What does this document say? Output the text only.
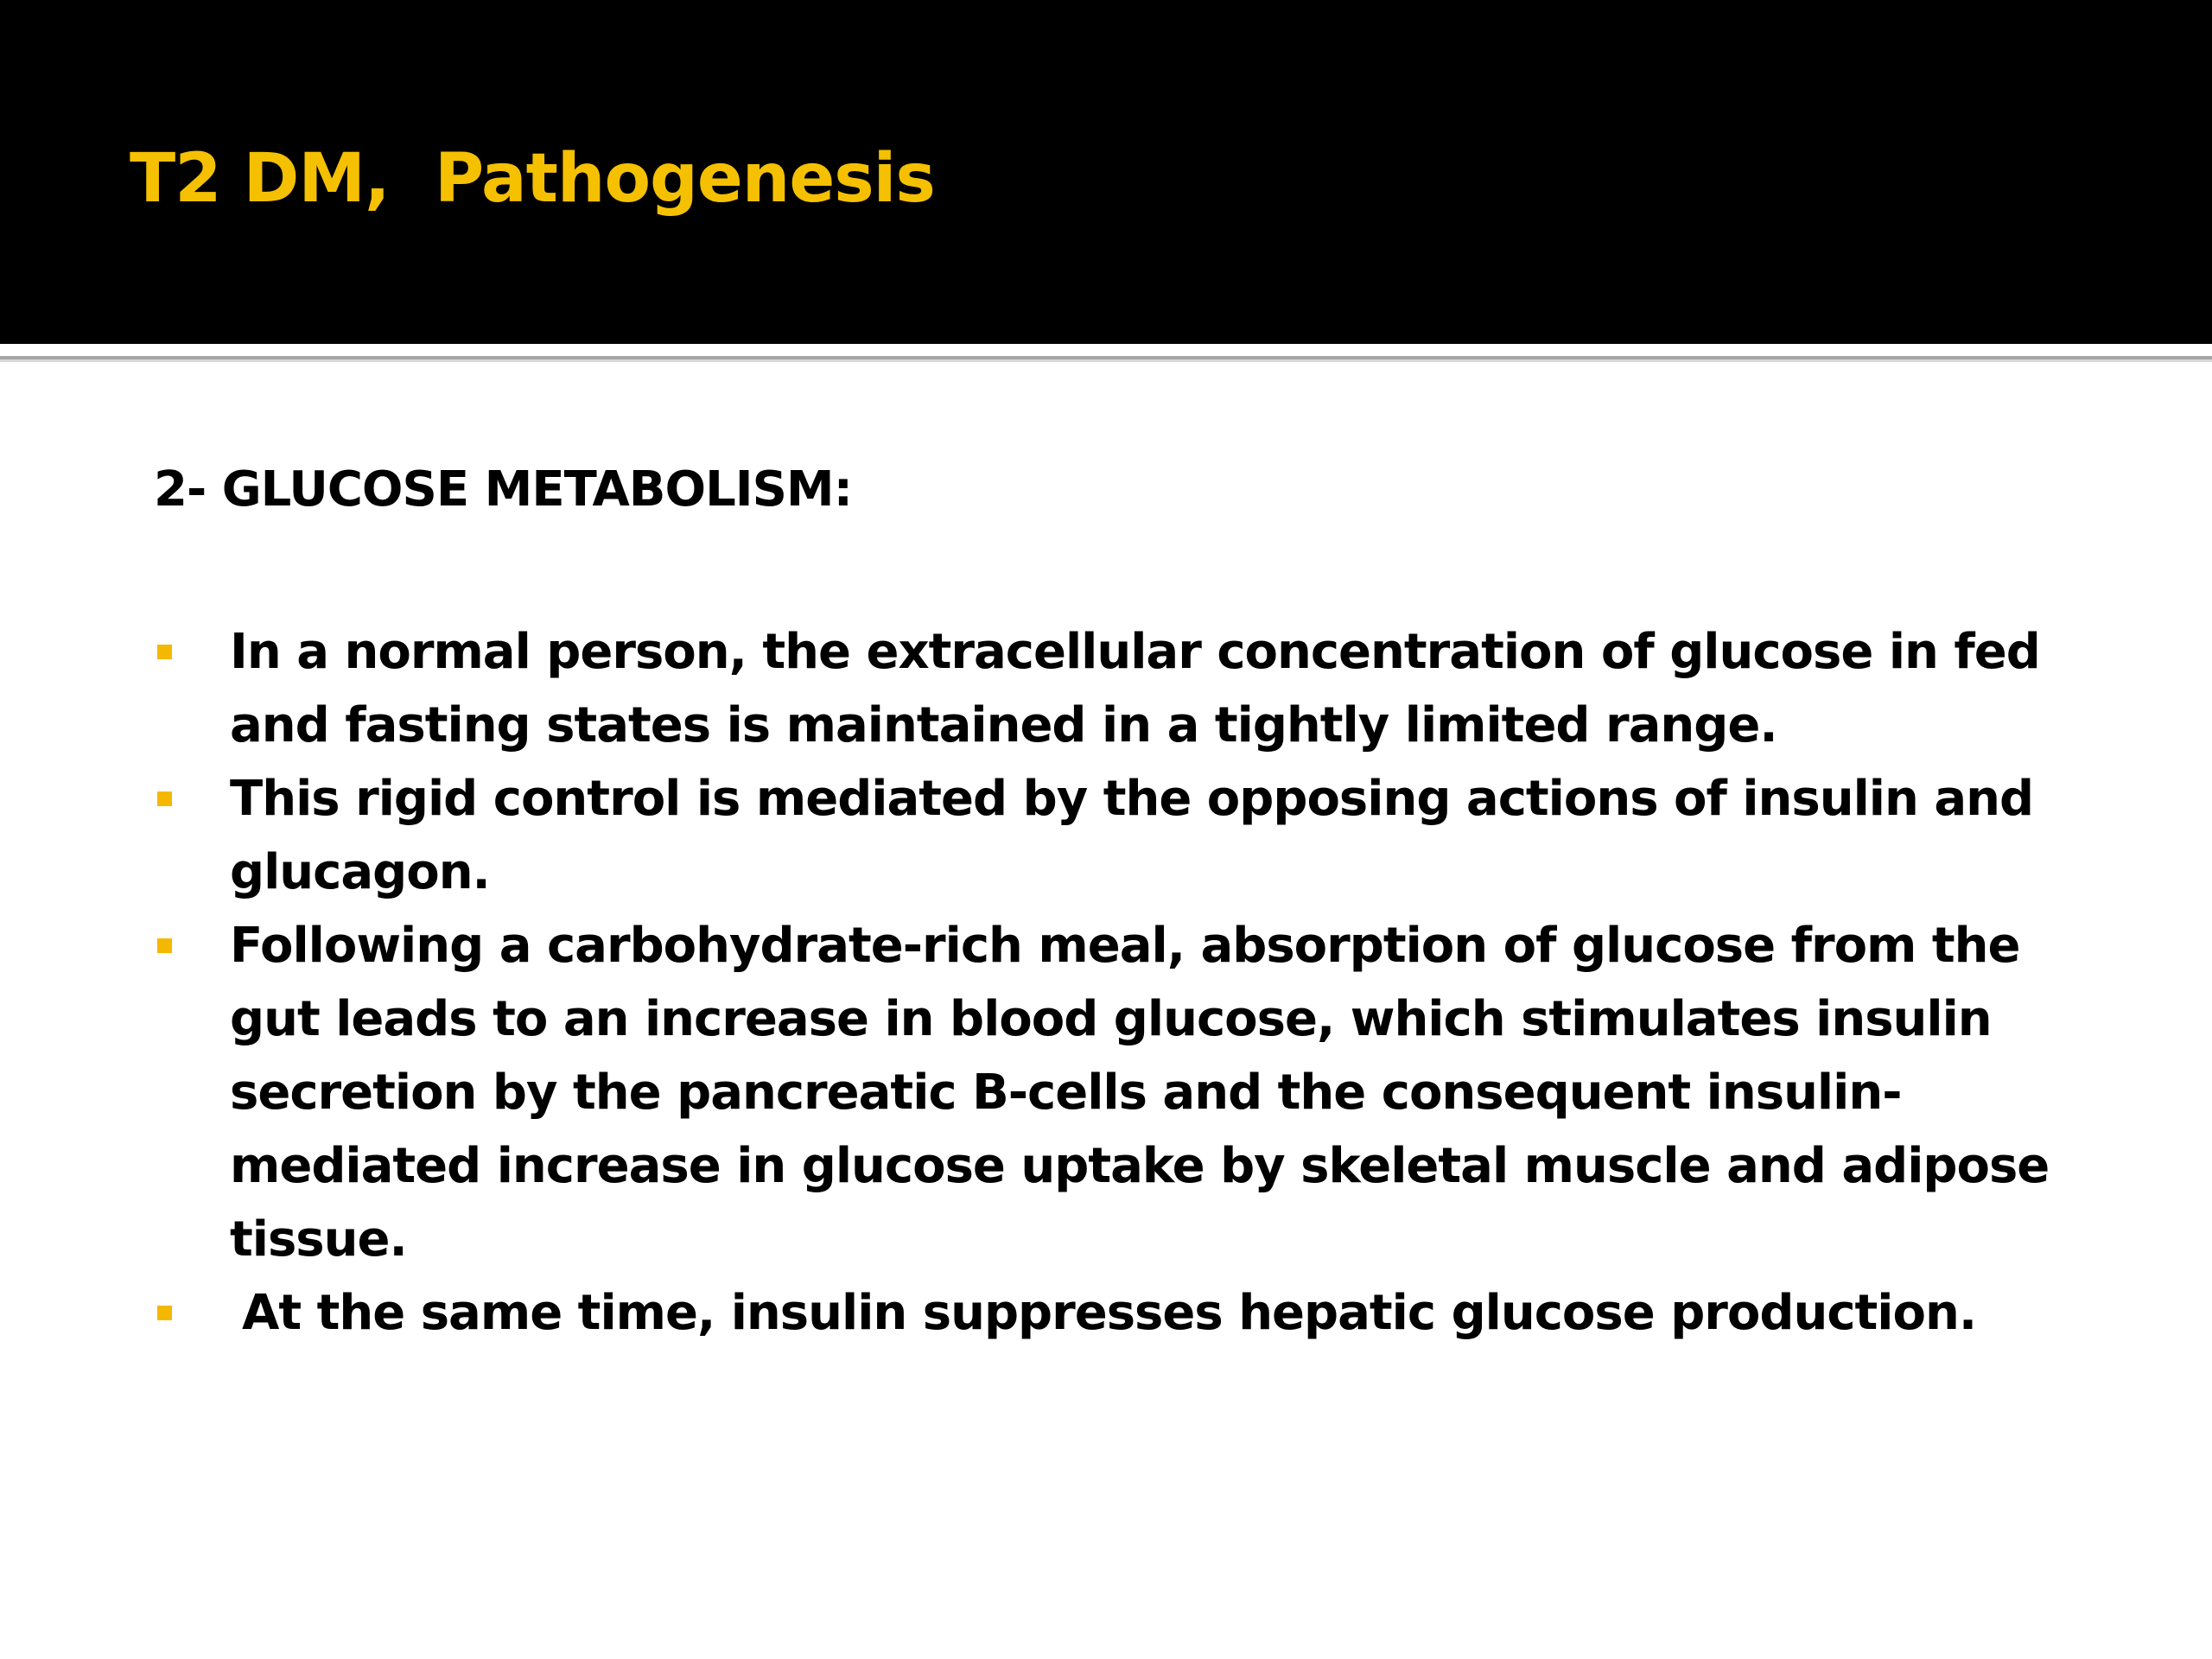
T2 DM,  Pathogenesis

2- GLUCOSE METABOLISM:

In a normal person, the extracellular concentration of glucose in fed and fasting states is maintained in a tightly limited range.
This rigid control is mediated by the opposing actions of insulin and glucagon.
Following a carbohydrate-rich meal, absorption of glucose from the gut leads to an increase in blood glucose, which stimulates insulin secretion by the pancreatic B-cells and the consequent insulin-mediated increase in glucose uptake by skeletal muscle and adipose tissue.
At the same time, insulin suppresses hepatic glucose production.
